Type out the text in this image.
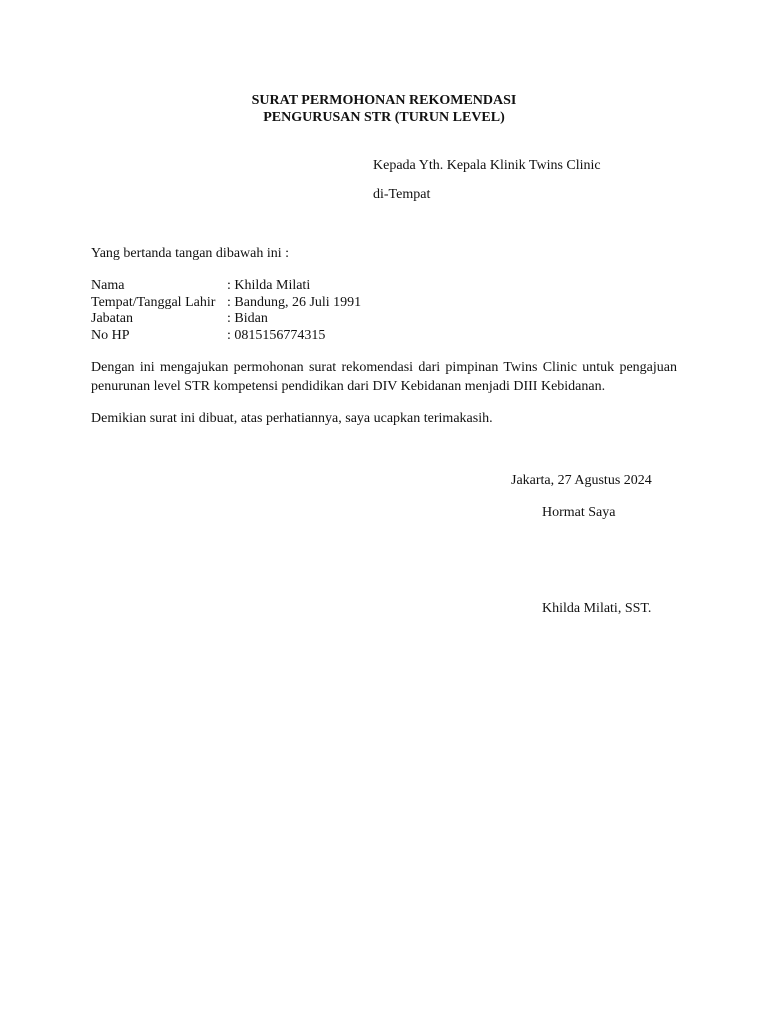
SURAT PERMOHONAN REKOMENDASI
PENGURUSAN STR (TURUN LEVEL)
Kepada Yth. Kepala Klinik Twins Clinic
di-Tempat
Yang bertanda tangan dibawah ini :
Nama	: Khilda Milati
Tempat/Tanggal Lahir : Bandung, 26 Juli 1991
Jabatan	: Bidan
No HP	: 0815156774315
Dengan ini mengajukan permohonan surat rekomendasi dari pimpinan Twins Clinic untuk pengajuan penurunan level STR kompetensi pendidikan dari DIV Kebidanan menjadi DIII Kebidanan.
Demikian surat ini dibuat, atas perhatiannya, saya ucapkan terimakasih.
Jakarta, 27 Agustus 2024
Hormat Saya
Khilda Milati, SST.
